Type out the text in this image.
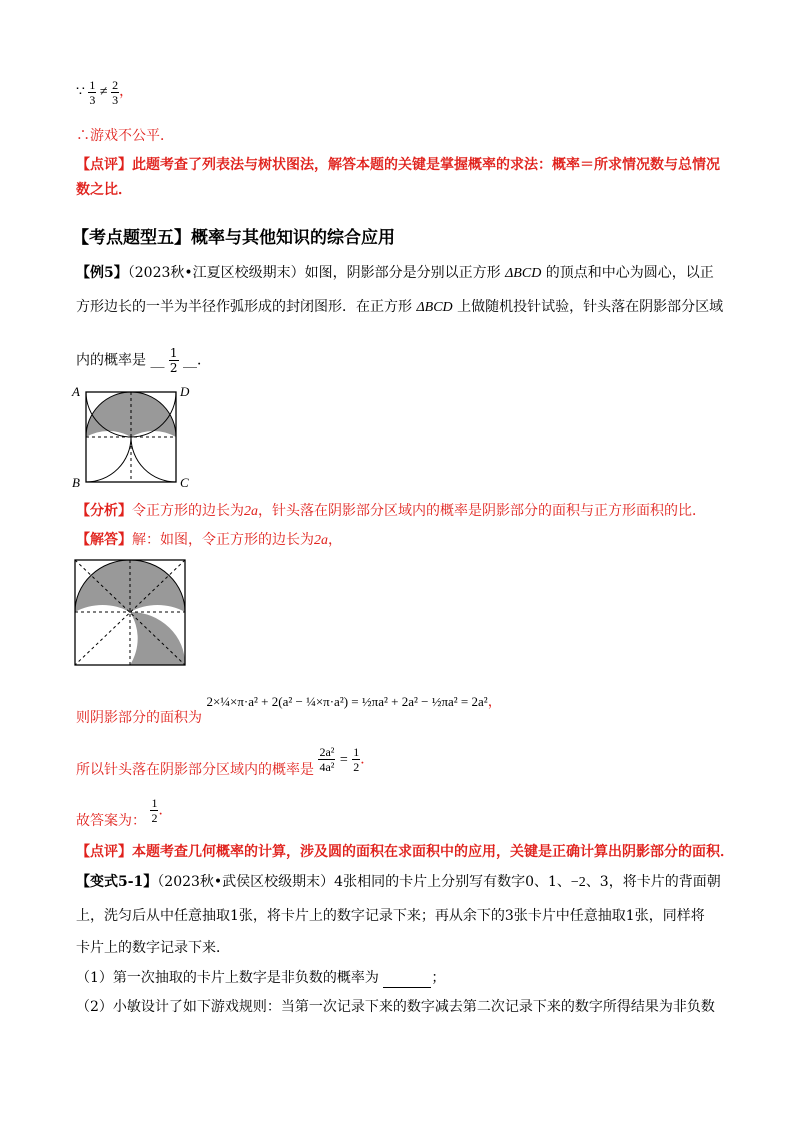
∵ $\frac{1}{3} \ne \frac{2}{3}$ ，
∴游戏不公平．
【点评】此题考查了列表法与树状图法，解答本题的关键是掌握概率的求法：概率＝所求情况数与总情况
数之比．
【考点题型五】概率与其他知识的综合应用
【例5】（2023秋•江夏区校级期末）如图，阴影部分是分别以正方形 ΔBCD 的顶点和中心为圆心，以正
方形边长的一半为半径作弧形成的封闭图形．在正方形 ΔBCD 上做随机投针试验，针头落在阴影部分区域
内的概率是 __ $\frac{1}{2}$ __．
A	D
B	C
【分析】令正方形的边长为2a，针头落在阴影部分区域内的概率是阴影部分的面积与正方形面积的比．
【解答】解：如图，令正方形的边长为2a，
则阴影部分的面积为 2×¼×π·a² + 2(a² − ¼×π·a²) = ½πa² + 2a² − ½πa² = 2a²，
所以针头落在阴影部分区域内的概率是 $\frac{\text{2a²}}{\text{4a²}} = \frac{1}{2}$ ．
故答案为： $\frac{1}{2}$ ．
【点评】本题考查几何概率的计算，涉及圆的面积在求面积中的应用，关键是正确计算出阴影部分的面积．
【变式5-1】（2023秋•武侯区校级期末）4张相同的卡片上分别写有数字0、1、−2、3，将卡片的背面朝
上，洗匀后从中任意抽取1张，将卡片上的数字记录下来；再从余下的3张卡片中任意抽取1张，同样将
卡片上的数字记录下来．
（1）第一次抽取的卡片上数字是非负数的概率为	；
（2）小敏设计了如下游戏规则：当第一次记录下来的数字减去第二次记录下来的数字所得结果为非负数
